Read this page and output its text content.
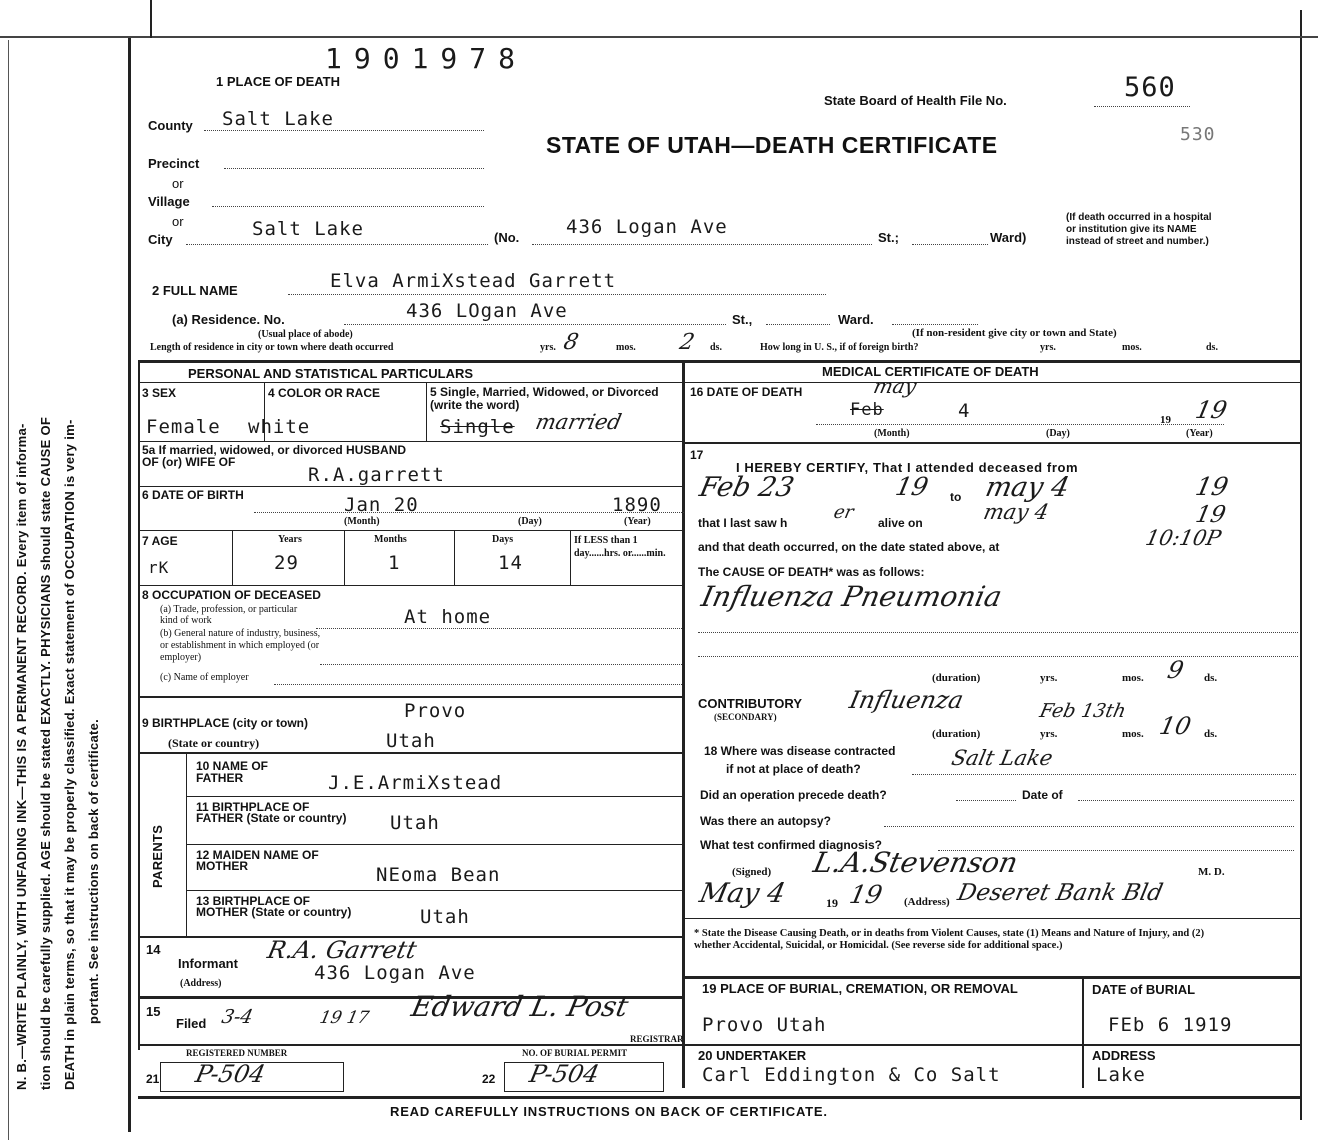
N. B.—WRITE PLAINLY, WITH UNFADING INK—THIS IS A PERMANENT RECORD. Every item of informa- tion should be carefully supplied. AGE should be stated EXACTLY. PHYSICIANS should state CAUSE OF DEATH in plain terms, so that it may be properly classified. Exact statement of OCCUPATION is very im- portant. See instructions on back of certificate.
1901978
1 PLACE OF DEATH
State Board of Health File No.	560
530
STATE OF UTAH—DEATH CERTIFICATE
County Salt Lake
Precinct
or
Village
or
City	Salt Lake	(No. 436 Logan Ave	St.;	Ward)
(If death occurred in a hospital or institution give its NAME instead of street and number.)
2 FULL NAME	Elva ArmiXstead Garrett
(a) Residence. No.	436 LOgan Ave	St.,	Ward.
(Usual place of abode)	(If non-resident give city or town and State)
Length of residence in city or town where death occurred	8
yrs.	mos. 2 ds.	How long in U. S., if of foreign birth?	yrs.	mos.	ds.
PERSONAL AND STATISTICAL PARTICULARS	MEDICAL CERTIFICATE OF DEATH
3 SEX
Female
4 COLOR OR RACE
white
5 Single, Married, Widowed, or Divorced (write the word)
Single married
5a If married, widowed, or divorced HUSBAND OF (or) WIFE OF
R.A.garrett
6 DATE OF BIRTH	Jan 20	1890
(Month)	(Day)	(Year)
7 AGE
rK
Years
29
Months
1
Days
14
If LESS than 1 day......hrs. or......min.
8 OCCUPATION OF DECEASED
(a) Trade, profession, or particular kind of work	At home
(b) General nature of industry, business, or establishment in which employed (or employer)
(c) Name of employer
9 BIRTHPLACE (city or town)
Provo
(State or country)	Utah
PARENTS
10 NAME OF FATHER	J.E.ArmiXstead
11 BIRTHPLACE OF FATHER (State or country)	Utah
12 MAIDEN NAME OF MOTHER	NEoma Bean
13 BIRTHPLACE OF MOTHER (State or country)	Utah
14
Informant R.A. Garrett
(Address)	436 Logan Ave
15
Filed 3-4	19 17 Edward L. Post
REGISTRAR
REGISTERED NUMBER
21 P-504
NO. OF BURIAL PERMIT
22 P-504
16 DATE OF DEATH	may
Feb	4	19 19
(Month)	(Day)	(Year)
17
I HEREBY CERTIFY, That I attended deceased from
Feb 23	19 to may 4	19
that I last saw h er alive on	may 4	19
and that death occurred, on the date stated above, at	10:10P
The CAUSE OF DEATH* was as follows:
Influenza Pneumonia
(duration)	yrs.	mos. 9 ds.
CONTRIBUTORY
(SECONDARY)
Influenza	Feb 13th
(duration)	yrs.	mos. 10 ds.
18 Where was disease contracted
if not at place of death?	Salt Lake
Did an operation precede death?	Date of
Was there an autopsy?
What test confirmed diagnosis?
(Signed) L.A.Stevenson	M. D.
May 4	19 19 (Address) Deseret Bank Bld
* State the Disease Causing Death, or in deaths from Violent Causes, state (1) Means and Nature of Injury, and (2) whether Accidental, Suicidal, or Homicidal. (See reverse side for additional space.)
19 PLACE OF BURIAL, CREMATION, OR REMOVAL
Provo Utah
DATE of BURIAL
FEb 6 1919
20 UNDERTAKER
Carl Eddington & Co Salt
ADDRESS
Lake
READ CAREFULLY INSTRUCTIONS ON BACK OF CERTIFICATE.
